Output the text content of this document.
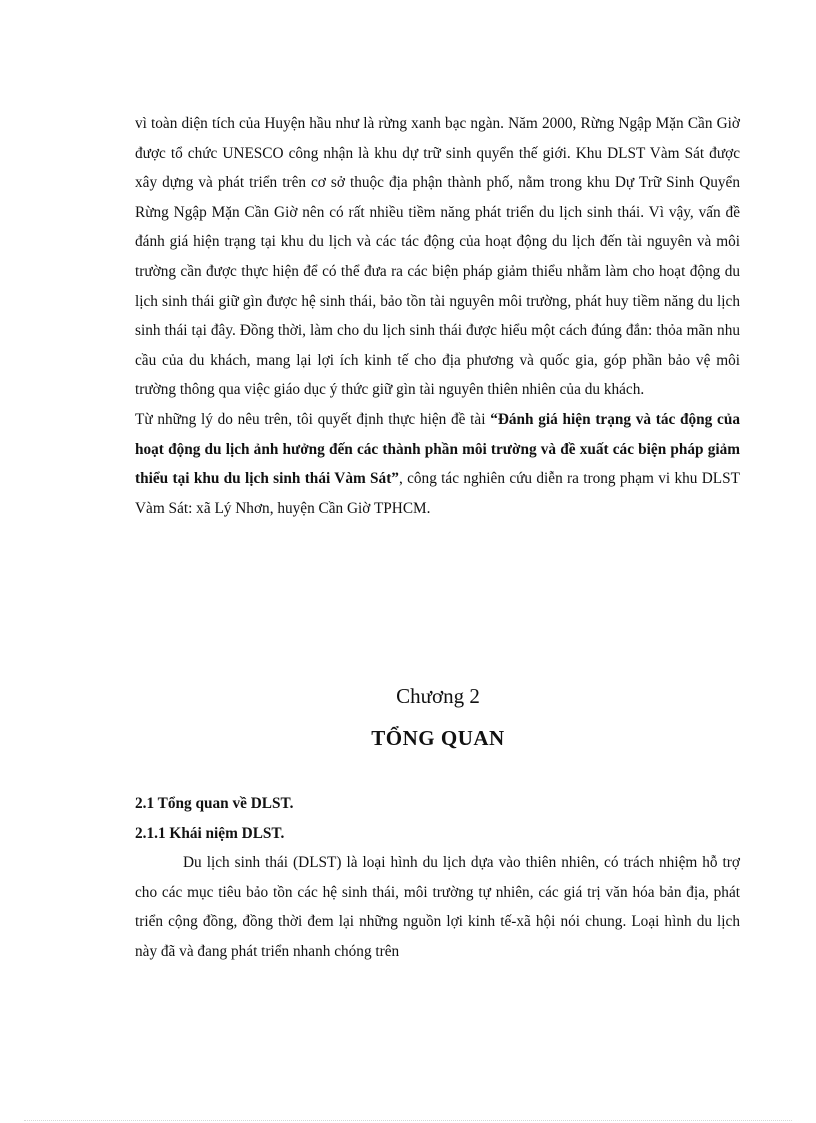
vì toàn diện tích của Huyện hầu như là rừng xanh bạc ngàn. Năm 2000, Rừng Ngập Mặn Cần Giờ được tổ chức UNESCO công nhận là khu dự trữ sinh quyển thế giới. Khu DLST Vàm Sát được xây dựng và phát triển trên cơ sở thuộc địa phận thành phố, nằm trong khu Dự Trữ Sinh Quyển Rừng Ngập Mặn Cần Giờ nên có rất nhiều tiềm năng phát triển du lịch sinh thái. Vì vậy, vấn đề đánh giá hiện trạng tại khu du lịch và các tác động của hoạt động du lịch đến tài nguyên và môi trường cần được thực hiện để có thể đưa ra các biện pháp giảm thiểu nhằm làm cho hoạt động du lịch sinh thái giữ gìn được hệ sinh thái, bảo tồn tài nguyên môi trường, phát huy tiềm năng du lịch sinh thái tại đây. Đồng thời, làm cho du lịch sinh thái được hiểu một cách đúng đắn: thỏa mãn nhu cầu của du khách, mang lại lợi ích kinh tế cho địa phương và quốc gia, góp phần bảo vệ môi trường thông qua việc giáo dục ý thức giữ gìn tài nguyên thiên nhiên của du khách.

Từ những lý do nêu trên, tôi quyết định thực hiện đề tài “Đánh giá hiện trạng và tác động của hoạt động du lịch ảnh hưởng đến các thành phần môi trường và đề xuất các biện pháp giảm thiểu tại khu du lịch sinh thái Vàm Sát”, công tác nghiên cứu diễn ra trong phạm vi khu DLST Vàm Sát: xã Lý Nhơn, huyện Cần Giờ TPHCM.

Chương 2
TỔNG QUAN

2.1 Tổng quan về DLST.

2.1.1 Khái niệm DLST.

Du lịch sinh thái (DLST) là loại hình du lịch dựa vào thiên nhiên, có trách nhiệm hỗ trợ cho các mục tiêu bảo tồn các hệ sinh thái, môi trường tự nhiên, các giá trị văn hóa bản địa, phát triển cộng đồng, đồng thời đem lại những nguồn lợi kinh tế-xã hội nói chung. Loại hình du lịch này đã và đang phát triển nhanh chóng trên
